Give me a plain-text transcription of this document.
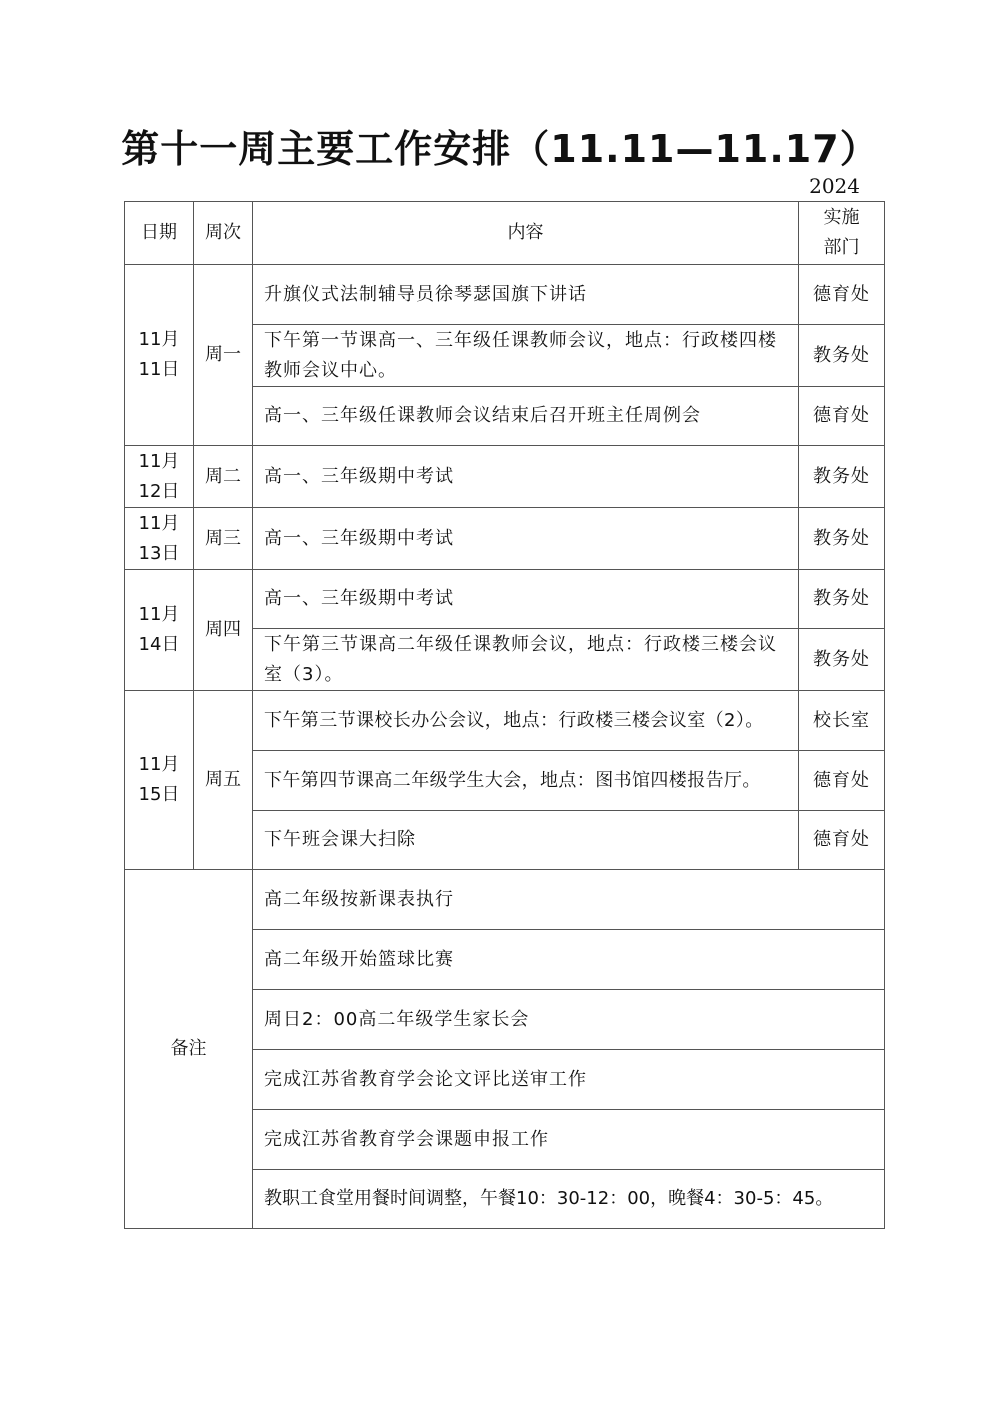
第十一周主要工作安排（11.11—11.17）
2024
日期	周次	内容	实施
部门

11月
11日	周一	升旗仪式法制辅导员徐琴瑟国旗下讲话	德育处
		下午第一节课高一、三年级任课教师会议，地点：行政楼四楼教师会议中心。	教务处
		高一、三年级任课教师会议结束后召开班主任周例会	德育处

11月
12日	周二	高一、三年级期中考试	教务处

11月
13日	周三	高一、三年级期中考试	教务处

11月
14日	周四	高一、三年级期中考试	教务处
		下午第三节课高二年级任课教师会议，地点：行政楼三楼会议室（3）。	教务处

11月
15日	周五	下午第三节课校长办公会议，地点：行政楼三楼会议室（2）。	校长室
		下午第四节课高二年级学生大会，地点：图书馆四楼报告厅。	德育处
		下午班会课大扫除	德育处
备注		高二年级按新课表执行	
		高二年级开始篮球比赛	
		周日2：00高二年级学生家长会	
		完成江苏省教育学会论文评比送审工作	
		完成江苏省教育学会课题申报工作	
		教职工食堂用餐时间调整，午餐10：30-12：00，晚餐4：30-5：45。	
